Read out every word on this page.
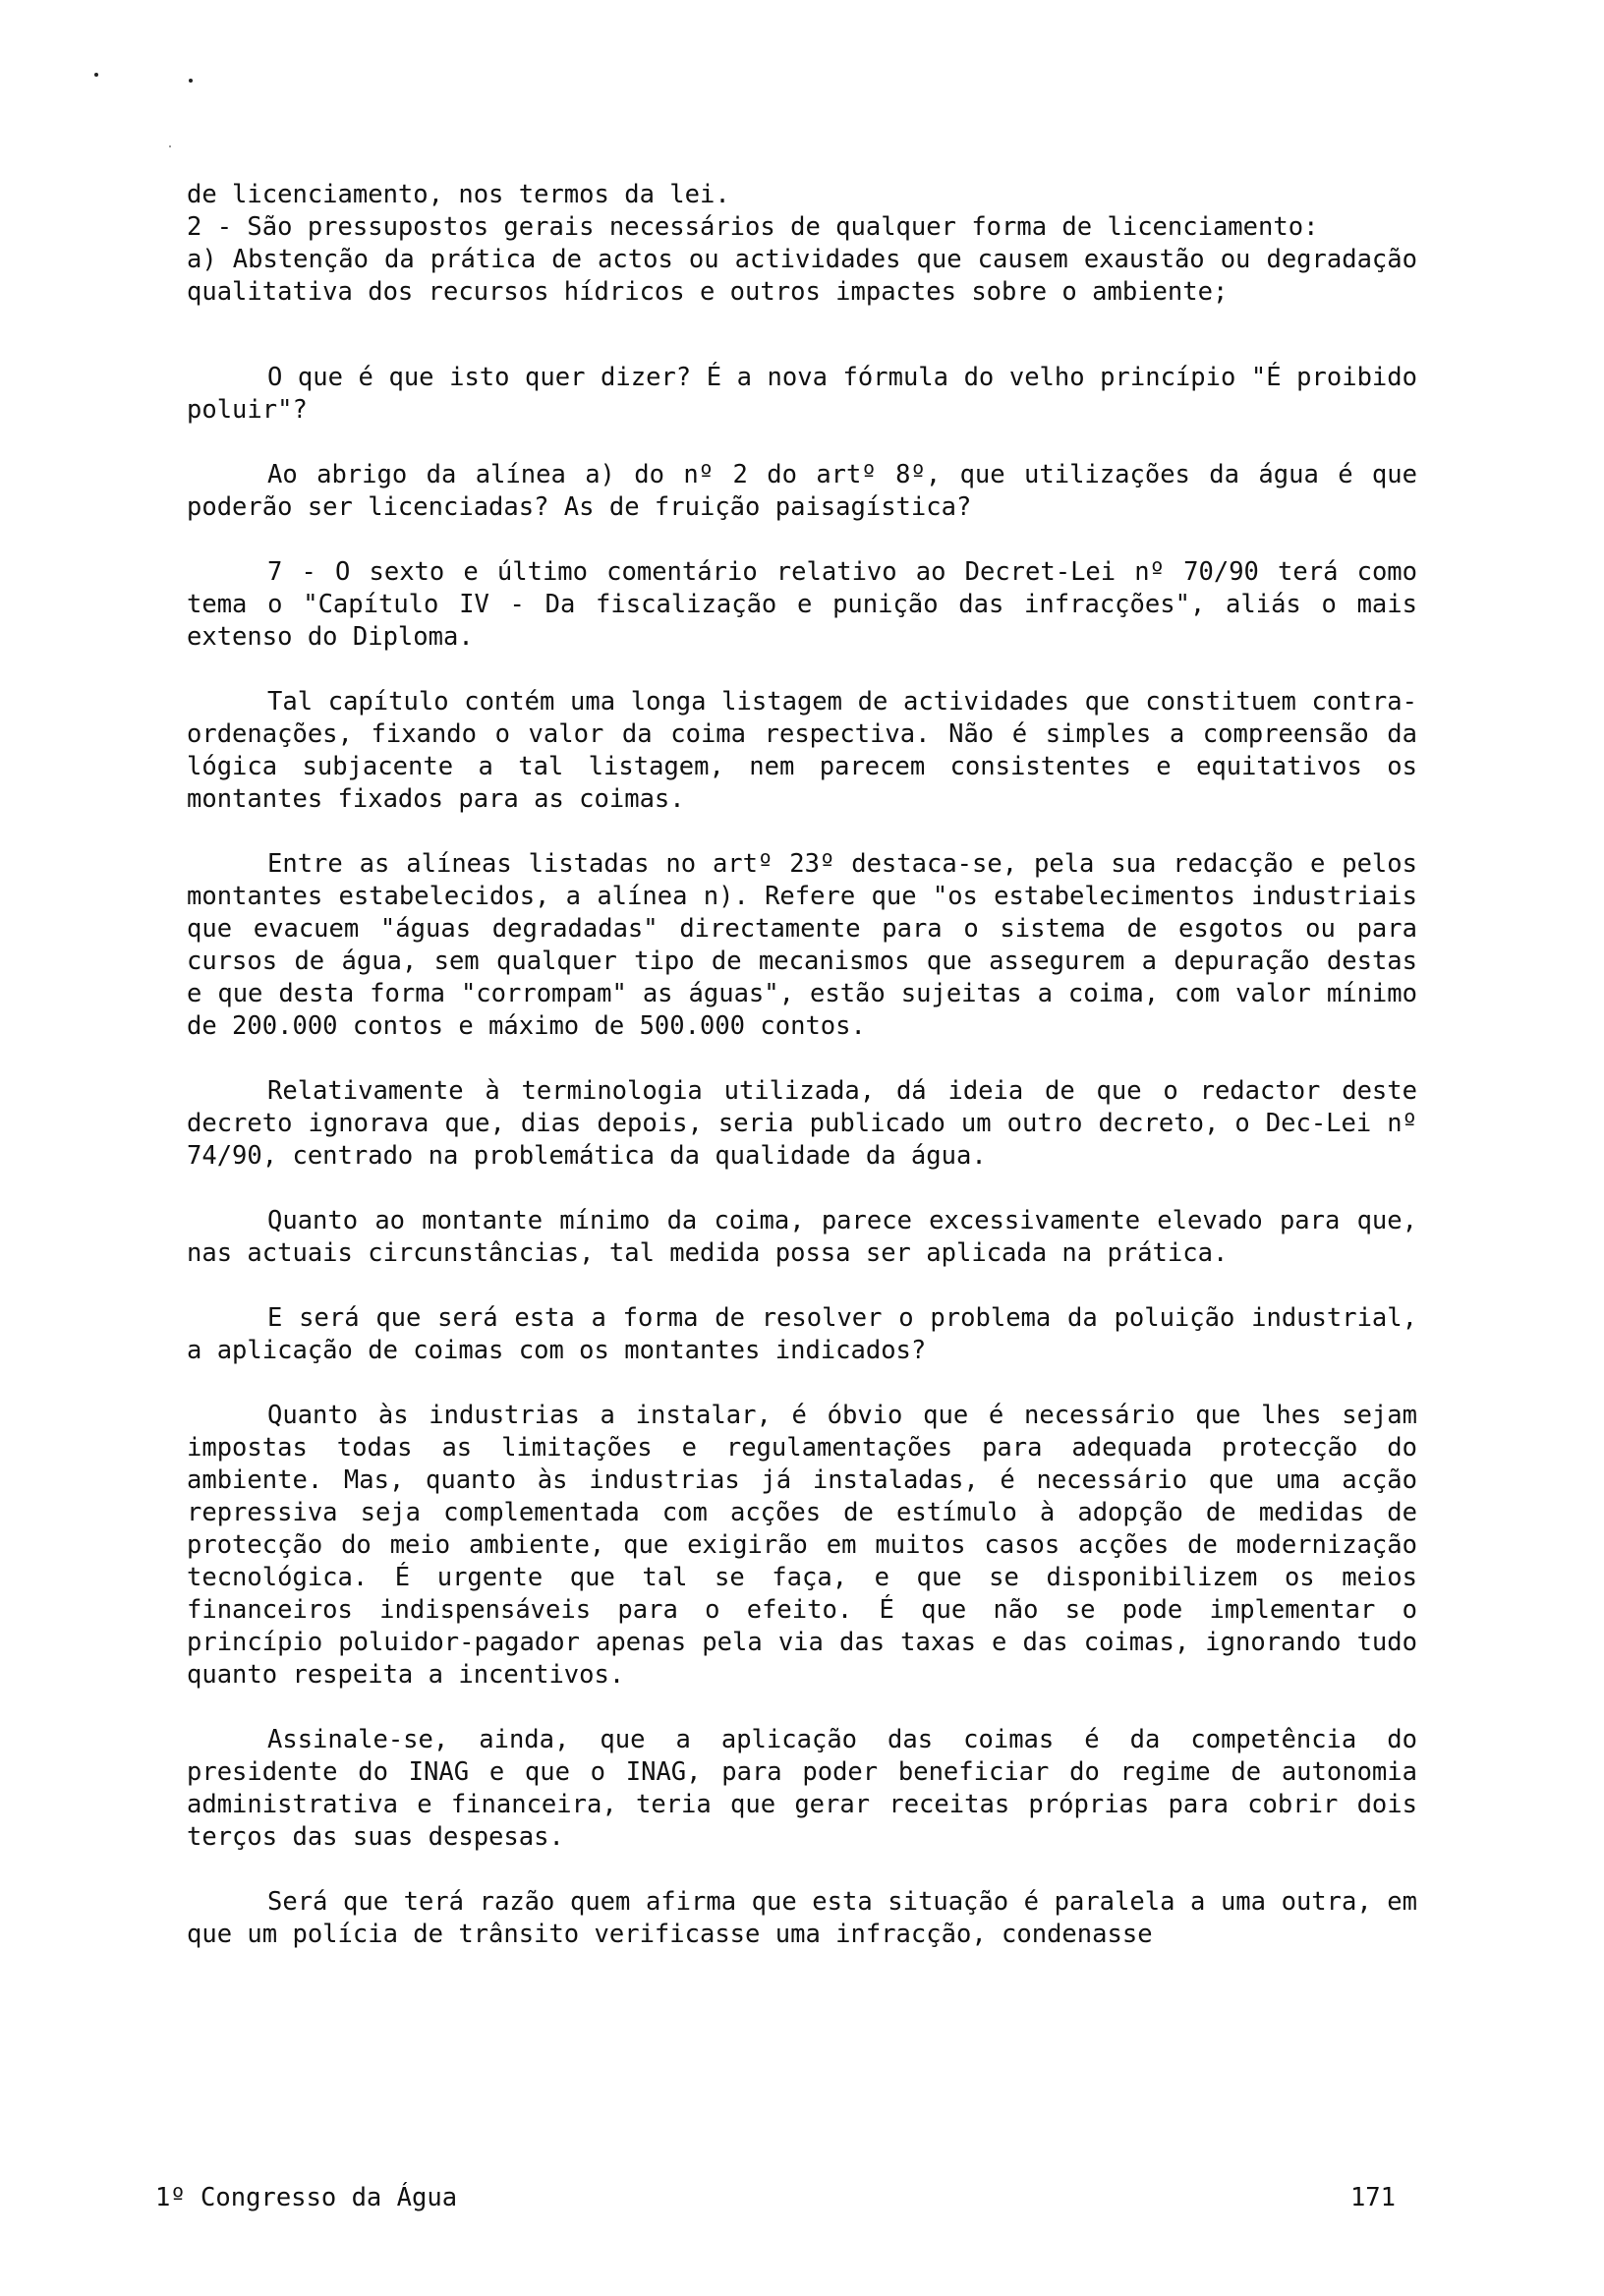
de licenciamento, nos termos da lei.
2 - São pressupostos gerais necessários de qualquer forma de licenciamento:
a) Abstenção da prática de actos ou actividades que causem exaustão ou degradação qualitativa dos recursos hídricos e outros impactes sobre o ambiente;

O que é que isto quer dizer? É a nova fórmula do velho princípio "É proibido poluir"?

Ao abrigo da alínea a) do nº 2 do artº 8º, que utilizações da água é que poderão ser licenciadas? As de fruição paisagística?

7 - O sexto e último comentário relativo ao Decret-Lei nº 70/90 terá como tema o "Capítulo IV - Da fiscalização e punição das infracções", aliás o mais extenso do Diploma.

Tal capítulo contém uma longa listagem de actividades que constituem contra-ordenações, fixando o valor da coima respectiva. Não é simples a compreensão da lógica subjacente a tal listagem, nem parecem consistentes e equitativos os montantes fixados para as coimas.

Entre as alíneas listadas no artº 23º destaca-se, pela sua redacção e pelos montantes estabelecidos, a alínea n). Refere que "os estabelecimentos industriais que evacuem "águas degradadas" directamente para o sistema de esgotos ou para cursos de água, sem qualquer tipo de mecanismos que assegurem a depuração destas e que desta forma "corrompam" as águas", estão sujeitas a coima, com valor mínimo de 200.000 contos e máximo de 500.000 contos.

Relativamente à terminologia utilizada, dá ideia de que o redactor deste decreto ignorava que, dias depois, seria publicado um outro decreto, o Dec-Lei nº 74/90, centrado na problemática da qualidade da água.

Quanto ao montante mínimo da coima, parece excessivamente elevado para que, nas actuais circunstâncias, tal medida possa ser aplicada na prática.

E será que será esta a forma de resolver o problema da poluição industrial, a aplicação de coimas com os montantes indicados?

Quanto às industrias a instalar, é óbvio que é necessário que lhes sejam impostas todas as limitações e regulamentações para adequada protecção do ambiente. Mas, quanto às industrias já instaladas, é necessário que uma acção repressiva seja complementada com acções de estímulo à adopção de medidas de protecção do meio ambiente, que exigirão em muitos casos acções de modernização tecnológica. É urgente que tal se faça, e que se disponibilizem os meios financeiros indispensáveis para o efeito. É que não se pode implementar o princípio poluidor-pagador apenas pela via das taxas e das coimas, ignorando tudo quanto respeita a incentivos.

Assinale-se, ainda, que a aplicação das coimas é da competência do presidente do INAG e que o INAG, para poder beneficiar do regime de autonomia administrativa e financeira, teria que gerar receitas próprias para cobrir dois terços das suas despesas.

Será que terá razão quem afirma que esta situação é paralela a uma outra, em que um polícia de trânsito verificasse uma infracção, condenasse

1º Congresso da Água	171
